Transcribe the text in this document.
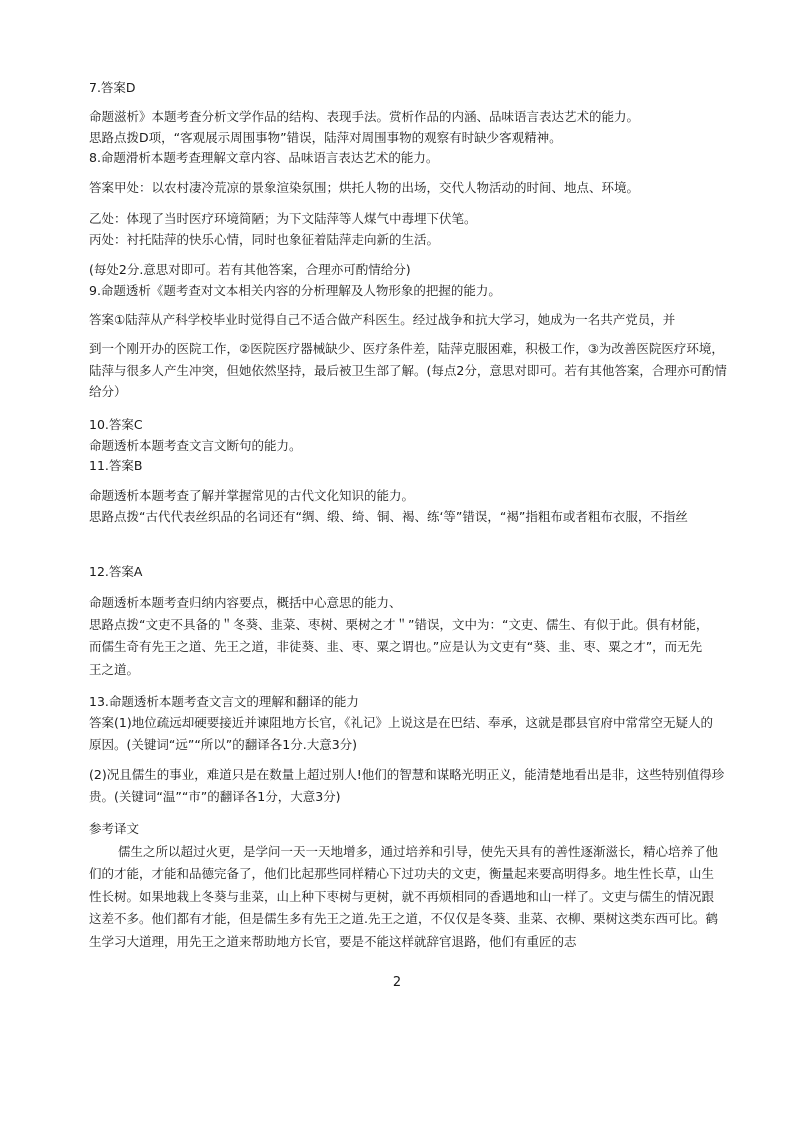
7.答案D

命题滋析》本题考査分析文学作品的结构、表现手法。赏析作品的内涵、品味语言表达艺术的能力。

思路点拨D项，“客观展示周围事物”错误，陆萍对周围事物的观察有时缺少客观精神。

8.命题滑析本题考查理解文章内容、品味语言表达艺术的能力。

答案甲处：以农村凄冷荒凉的景象渲染氛围；烘托人物的出场，交代人物活动的时间、地点、环境。

乙处：体现了当时医疗环境简陋；为下文陆萍等人煤气中毒埋下伏笔。

丙处：衬托陆萍的快乐心情，同时也象征着陆萍走向新的生活。

(每处2分.意思对即可。若有其他答案，合理亦可酌情给分)

9.命题透析《题考查对文本相关内容的分析理解及人物形象的把握的能力。

答案①陆萍从产科学校毕业时觉得自己不适合做产科医生。经过战争和抗大学习，她成为一名共产党员，并

到一个刚开办的医院工作，②医院医疗器械缺少、医疗条件差，陆萍克服困难，积极工作，③为改善医院医疗环境，

陆萍与很多人产生冲突，但她依然坚持，最后被卫生部了解。(每点2分，意思对即可。若有其他答案，合理亦可酌情

给分）

10.答案C

命题透析本题考查文言文断句的能力。

11.答案B

命题透析本题考查了解并掌握常见的古代文化知识的能力。

思路点拨“古代代表丝织品的名词还有“绸、缎、绮、铜、褐、练‘等”错误，“褐”指粗布或者粗布衣服，不指丝

12.答案A

命题透析本题考查归纳内容要点，概括中心意思的能力、

思路点拨“文吏不具备的＂冬葵、韭菜、枣树、栗树之才＂”错误，文中为：“文吏、儒生、有似于此。俱有材能，

而儒生奇有先王之道、先王之道，非徒葵、韭、枣、粟之谓也。”应是认为文吏有“葵、韭、枣、粟之才”，而无先

王之道。

13.命题透析本题考查文言文的理解和翻译的能力

答案(1)地位疏远却硬要接近并谏阻地方长官，《礼记》上说这是在巴结、奉承，这就是郡县官府中常常空无疑人的

原因。(关键词“远”“所以”的翻译各1分.大意3分)

(2)况且儒生的事业，难道只是在数量上超过别人!他们的智慧和谋略光明正义，能清楚地看出是非，这些特别值得珍

贵。(关键词“温”“市”的翻译各1分，大意3分)

参考译文

儒生之所以超过火更，是学问一天一天地增多，通过培养和引导，使先天具有的善性逐渐滋长，精心培养了他

们的才能，才能和品德完备了，他们比起那些同样精心下过功夫的文吏，衡量起来要高明得多。地生性长草，山生

性长树。如果地栽上冬葵与韭菜，山上种下枣树与更树，就不再烦相同的香遇地和山一样了。文吏与儒生的情况跟

这差不多。他们都有才能，但是儒生多有先王之道.先王之道，不仅仅是冬葵、韭菜、衣柳、栗树这类东西可比。鹤

生学习大道理，用先王之道来帮助地方长官，要是不能这样就辞官退路，他们有重匠的志

2
